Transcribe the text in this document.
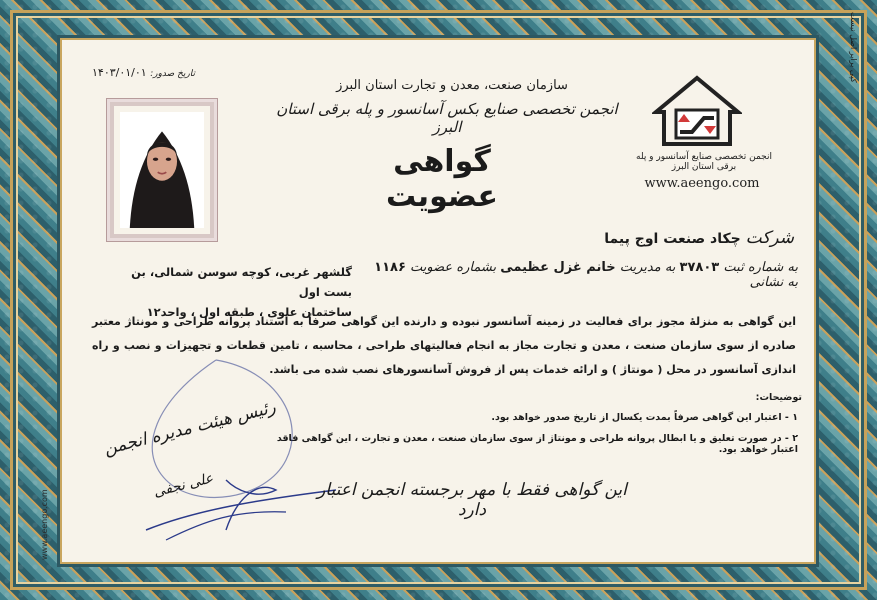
www.aeengo.com
کپی برابر اصل نیست
تاریخ صدور: ۱۴۰۳/۰۱/۰۱
سازمان صنعت، معدن و تجارت استان البرز
انجمن تخصصی صنایع بکس آسانسور و پله برقی استان البرز
گواهی عضویت
انجمن تخصصی صنایع آسانسور و پله برقی استان البرز
www.aeengo.com
شرکت چکاد صنعت اوج پیما
به شماره ثبت ۳۷۸۰۳ به مدیریت خانم غزل عظیمی بشماره عضویت ۱۱۸۶ به نشانی
گلشهر غربی، کوچه سوسن شمالی، بن بست اول
ساختمان علوی ، طبقه اول ، واحد۱۲
این گواهی به منزلۀ مجوز برای فعالیت در زمینه آسانسور نبوده و دارنده این گواهی صرفاً به استناد پروانه طراحی و مونتاژ معتبر صادره از سوی سازمان صنعت ، معدن و تجارت مجاز به انجام فعالیتهای طراحی ، محاسبه ، تامین قطعات و تجهیزات و نصب و راه اندازی آسانسور در محل ( مونتاژ ) و ارائه خدمات پس از فروش آسانسورهای نصب شده می باشد.
توضیحات:
۱ - اعتبار این گواهی صرفاً بمدت یکسال از تاریخ صدور خواهد بود.
۲ - در صورت تعلیق و یا ابطال پروانه طراحی و مونتاژ از سوی سازمان صنعت ، معدن و تجارت ، این گواهی فاقد اعتبار خواهد بود.
رئیس هیئت مدیره انجمن
علی نجفی	این گواهی فقط با مهر برجسته انجمن اعتبار دارد
